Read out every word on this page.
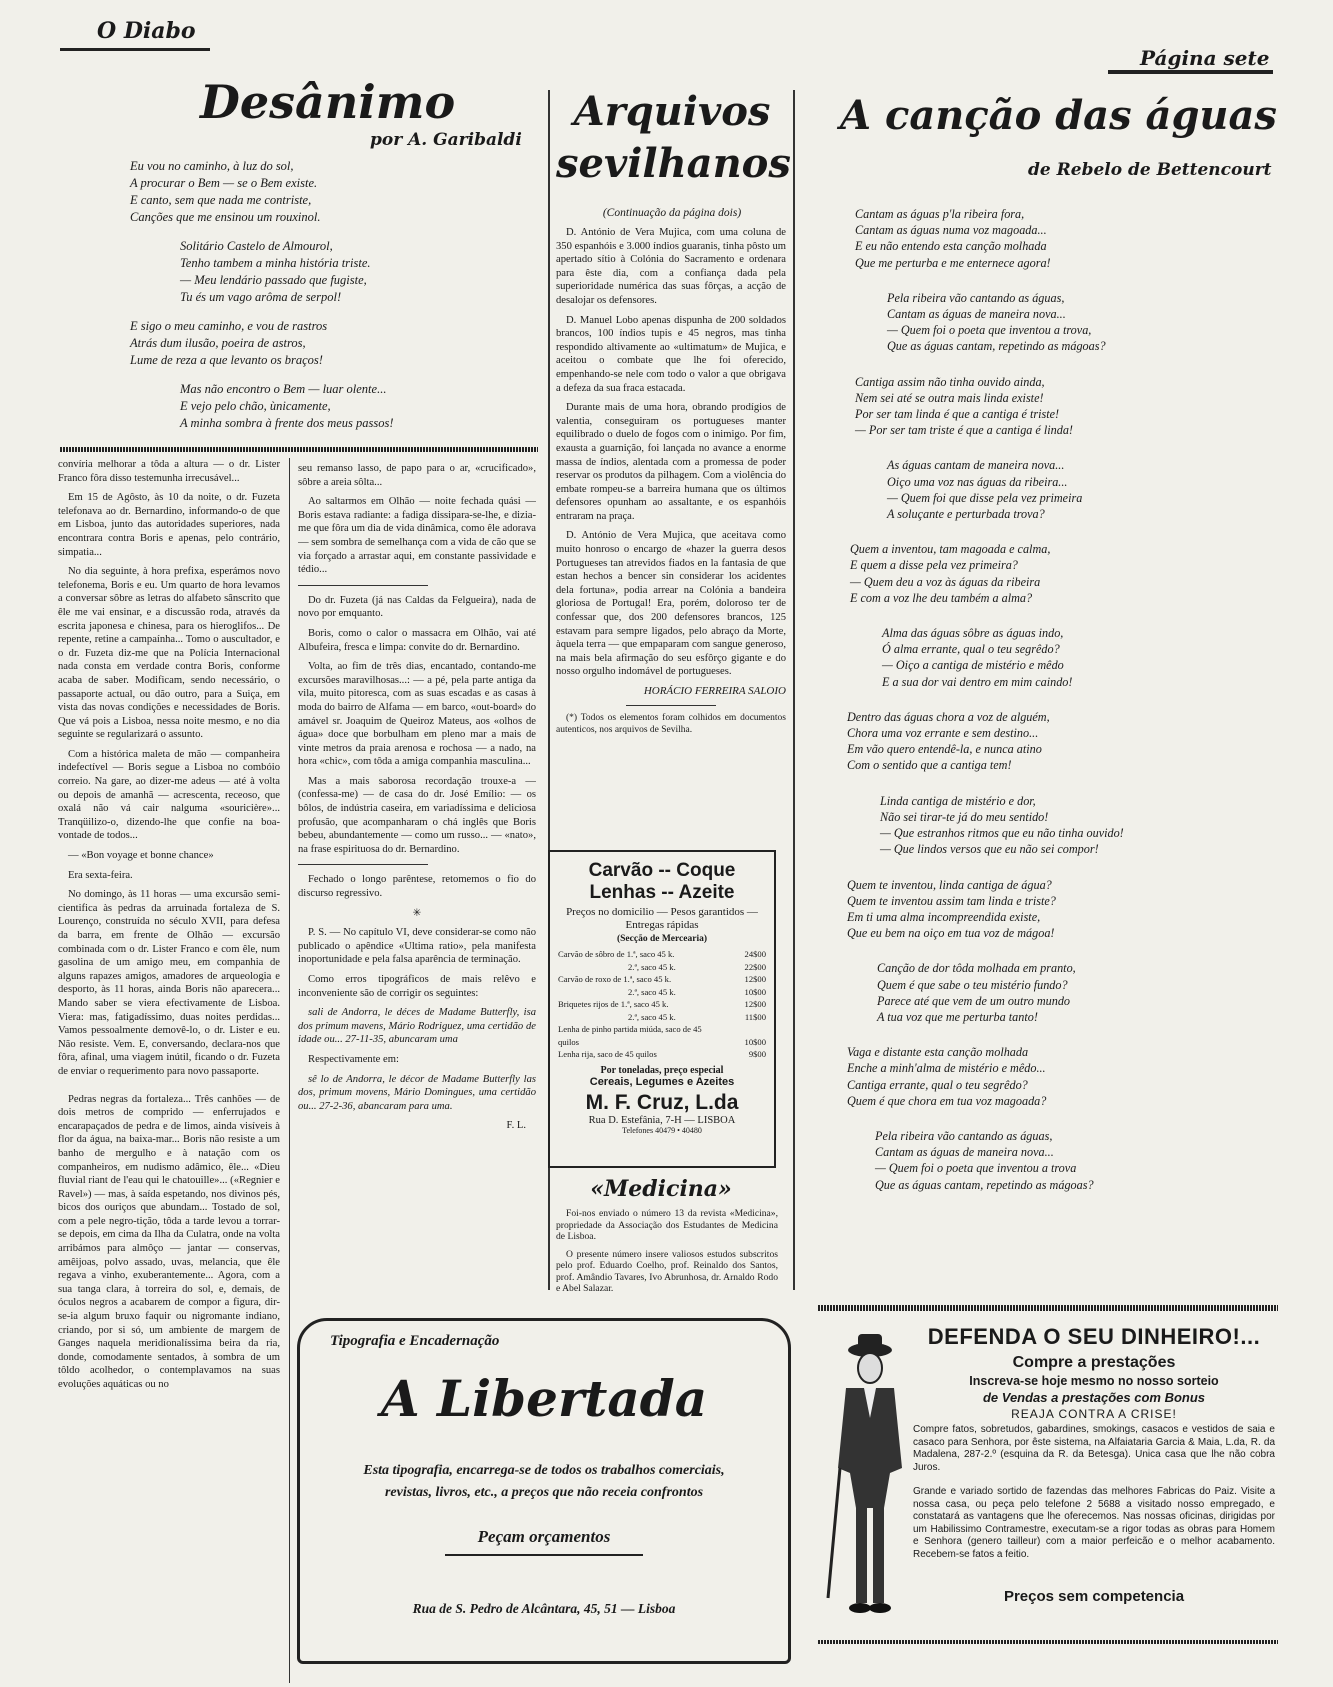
O Diabo
Página sete
Desânimo
por A. Garibaldi
Eu vou no caminho, à luz do sol,
A procurar o Bem — se o Bem existe.
E canto, sem que nada me contriste,
Canções que me ensinou um rouxinol.
Solitário Castelo de Almourol,
Tenho tambem a minha história triste.
— Meu lendário passado que fugiste,
Tu és um vago arôma de serpol!
E sigo o meu caminho, e vou de rastros
Atrás dum ilusão, poeira de astros,
Lume de reza a que levanto os braços!
Mas não encontro o Bem — luar olente...
E vejo pelo chão, ùnicamente,
A minha sombra à frente dos meus passos!

convíria melhorar a tôda a altura — o dr. Lister Franco fôra disso testemunha irrecusável...

Em 15 de Agôsto, às 10 da noite, o dr. Fuzeta telefonava ao dr. Bernardino, informando-o de que em Lisboa, junto das autoridades superiores, nada encontrara contra Boris e apenas, pelo contrário, simpatia...

No dia seguinte, à hora prefixa, esperámos novo telefonema, Boris e eu. Um quarto de hora levamos a conversar sôbre as letras do alfabeto sânscrito que êle me vai ensinar, e a discussão roda, através da escrita japonesa e chinesa, para os hieroglifos... De repente, retine a campaínha... Tomo o auscultador, e o dr. Fuzeta diz-me que na Polícia Internacional nada consta em verdade contra Boris, conforme acaba de saber. Modificam, sendo necessário, o passaporte actual, ou dão outro, para a Suiça, em vista das novas condições e necessidades de Boris. Que vá pois a Lisboa, nessa noite mesmo, e no dia seguinte se regularizará o assunto.

Com a histórica maleta de mão — companheira indefectível — Boris segue a Lisboa no combóio correio. Na gare, ao dizer-me adeus — até à volta ou depois de amanhã — acrescenta, receoso, que oxalá não vá cair nalguma «souricière»... Tranqüilizo-o, dizendo-lhe que confie na boa-vontade de todos...

— «Bon voyage et bonne chance»

Era sexta-feira.

No domingo, às 11 horas — uma excursão semi-cientifica às pedras da arruinada fortaleza de S. Lourenço, construída no século XVII, para defesa da barra, em frente de Olhão — excursão combinada com o dr. Lister Franco e com êle, num gasolina de um amigo meu, em companhia de alguns rapazes amigos, amadores de arqueologia e desporto, às 11 horas, ainda Boris não aparecera... Mando saber se viera efectivamente de Lisboa. Viera: mas, fatigadíssimo, duas noites perdidas... Vamos pessoalmente demovê-lo, o dr. Lister e eu. Não resiste. Vem. E, conversando, declara-nos que fôra, afinal, uma viagem inútil, ficando o dr. Fuzeta de enviar o requerimento para novo passaporte.

Pedras negras da fortaleza... Três canhões — de dois metros de comprido — enferrujados e encarapaçados de pedra e de limos, ainda visíveis à flor da água, na baixa-mar... Boris não resiste a um banho de mergulho e à natação com os companheiros, em nudismo adâmico, êle... «Dieu fluvial riant de l'eau qui le chatouille»... («Regnier e Ravel») — mas, à saída espetando, nos divinos pés, bicos dos ouriços que abundam... Tostado de sol, com a pele negro-tição, tôda a tarde levou a torrar-se depois, em cima da Ilha da Culatra, onde na volta arribámos para almôço — jantar — conservas, amêijoas, polvo assado, uvas, melancia, que êle regava a vinho, exuberantemente... Agora, com a sua tanga clara, à torreira do sol, e, demais, de óculos negros a acabarem de compor a figura, dir-se-ia algum bruxo faquir ou nigromante indiano, criando, por si só, um ambiente de margem de Ganges naquela meridionalíssima beira da ria, donde, comodamente sentados, à sombra de um tôldo acolhedor, o contemplavamos na suas evoluções aquáticas ou no

seu remanso lasso, de papo para o ar, «crucificado», sôbre a areia sôlta...

Ao saltarmos em Olhão — noite fechada quási — Boris estava radiante: a fadiga dissipara-se-lhe, e dizia-me que fôra um dia de vida dinâmica, como êle adorava — sem sombra de semelhança com a vida de cão que se via forçado a arrastar aqui, em constante passividade e tédio...

Do dr. Fuzeta (já nas Caldas da Felgueira), nada de novo por emquanto.

Boris, como o calor o massacra em Olhão, vai até Albufeira, fresca e limpa: convite do dr. Bernardino.

Volta, ao fim de três dias, encantado, contando-me excursões maravilhosas...: — a pé, pela parte antiga da vila, muito pitoresca, com as suas escadas e as casas à moda do bairro de Alfama — em barco, «out-board» do amável sr. Joaquim de Queiroz Mateus, aos «olhos de água» doce que borbulham em pleno mar a mais de vinte metros da praia arenosa e rochosa — a nado, na hora «chic», com tôda a amiga companhia masculina...

Mas a mais saborosa recordação trouxe-a — (confessa-me) — de casa do dr. José Emílio: — os bôlos, de indústria caseira, em variadíssima e deliciosa profusão, que acompanharam o chá inglês que Boris bebeu, abundantemente — como um russo... — «nato», na frase espirituosa do dr. Bernardino.

Fechado o longo parêntese, retomemos o fio do discurso regressivo.

✳

P. S. — No capítulo VI, deve considerar-se como não publicado o apêndice «Ultima ratio», pela manifesta inoportunidade e pela falsa aparência de terminação.

Como erros tipográficos de mais relêvo e inconveniente são de corrigir os seguintes:

sali de Andorra, le déces de Madame Butterfly, isa dos primum mavens, Mário Rodriguez, uma certidão de idade ou... 27-11-35, abuncaram uma

Respectivamente em:

sê lo de Andorra, le décor de Madame Butterfly las dos, primum movens, Mário Domingues, uma certidão ou... 27-2-36, abancaram para uma.

F. L.
Arquivos sevilhanos
(Continuação da página dois)

D. António de Vera Mujica, com uma coluna de 350 espanhóis e 3.000 índios guaranis, tinha pôsto um apertado sítio à Colónia do Sacramento e ordenara para êste dia, com a confiança dada pela superioridade numérica das suas fôrças, a acção de desalojar os defensores.

D. Manuel Lobo apenas dispunha de 200 soldados brancos, 100 índios tupis e 45 negros, mas tinha respondido altivamente ao «ultimatum» de Mujica, e aceitou o combate que lhe foi oferecido, empenhando-se nele com todo o valor a que obrigava a defeza da sua fraca estacada.

Durante mais de uma hora, obrando prodígios de valentia, conseguiram os portugueses manter equilibrado o duelo de fogos com o inimigo. Por fim, exausta a guarnição, foi lançada no avance a enorme massa de índios, alentada com a promessa de poder reservar os produtos da pilhagem. Com a violência do embate rompeu-se a barreira humana que os últimos defensores opunham ao assaltante, e os espanhóis entraram na praça.

D. António de Vera Mujica, que aceitava como muito honroso o encargo de «hazer la guerra desos Portugueses tan atrevidos fiados en la fantasia de que estan hechos a bencer sin considerar los acidentes dela fortuna», podia arrear na Colónia a bandeira gloriosa de Portugal! Era, porém, doloroso ter de confessar que, dos 200 defensores brancos, 125 estavam para sempre ligados, pelo abraço da Morte, àquela terra — que empaparam com sangue generoso, na mais bela afirmação do seu esfôrço gigante e do nosso orgulho indomável de portugueses.

HORÁCIO FERREIRA SALOIO

(*) Todos os elementos foram colhidos em documentos autenticos, nos arquivos de Sevilha.

Carvão -- Coque
Lenhas -- Azeite
Preços no domicilio — Pesos garantidos — Entregas rápidas
(Secção de Mercearia)
Carvão de sôbro de 1.ª, saco 45 k.	24$00
2.ª, saco 45 k.	22$00
Carvão de roxo de 1.ª, saco 45 k.	12$00
2.ª, saco 45 k.	10$00
Briquetes rijos de 1.ª, saco 45 k.	12$00
2.ª, saco 45 k.	11$00
Lenha de pinho partida miúda, saco de 45 quilos	10$00
Lenha rija, saco de 45 quilos	9$00
Por toneladas, preço especial
Cereais, Legumes e Azeites
M. F. Cruz, L.da
Rua D. Estefânia, 7-H — LISBOA
Telefones 40479 • 40480
«Medicina»

Foi-nos enviado o número 13 da revista «Medicina», propriedade da Associação dos Estudantes de Medicina de Lisboa.

O presente número insere valiosos estudos subscritos pelo prof. Eduardo Coelho, prof. Reinaldo dos Santos, prof. Amândio Tavares, Ivo Abrunhosa, dr. Arnaldo Rodo e Abel Salazar.

A canção das águas
de Rebelo de Bettencourt
Cantam as águas p'la ribeira fora,
Cantam as águas numa voz magoada...
E eu não entendo esta canção molhada
Que me perturba e me enternece agora!
Pela ribeira vão cantando as águas,
Cantam as águas de maneira nova...
— Quem foi o poeta que inventou a trova,
Que as águas cantam, repetindo as mágoas?
Cantiga assim não tinha ouvido ainda,
Nem sei até se outra mais linda existe!
Por ser tam linda é que a cantiga é triste!
— Por ser tam triste é que a cantiga é linda!
As águas cantam de maneira nova...
Oiço uma voz nas águas da ribeira...
— Quem foi que disse pela vez primeira
A soluçante e perturbada trova?
Quem a inventou, tam magoada e calma,
E quem a disse pela vez primeira?
— Quem deu a voz às águas da ribeira
E com a voz lhe deu também a alma?
Alma das águas sôbre as águas indo,
Ó alma errante, qual o teu segrêdo?
— Oiço a cantiga de mistério e mêdo
E a sua dor vai dentro em mim caindo!
Dentro das águas chora a voz de alguém,
Chora uma voz errante e sem destino...
Em vão quero entendê-la, e nunca atino
Com o sentido que a cantiga tem!
Linda cantiga de mistério e dor,
Não sei tirar-te já do meu sentido!
— Que estranhos ritmos que eu não tinha ouvido!
— Que lindos versos que eu não sei compor!
Quem te inventou, linda cantiga de água?
Quem te inventou assim tam linda e triste?
Em ti uma alma incompreendida existe,
Que eu bem na oiço em tua voz de mágoa!
Canção de dor tôda molhada em pranto,
Quem é que sabe o teu mistério fundo?
Parece até que vem de um outro mundo
A tua voz que me perturba tanto!
Vaga e distante esta canção molhada
Enche a minh'alma de mistério e mêdo...
Cantiga errante, qual o teu segrêdo?
Quem é que chora em tua voz magoada?
Pela ribeira vão cantando as águas,
Cantam as águas de maneira nova...
— Quem foi o poeta que inventou a trova
Que as águas cantam, repetindo as mágoas?
DEFENDA O SEU DINHEIRO!...
Compre a prestações
Inscreva-se hoje mesmo no nosso sorteio
de Vendas a prestações com Bonus
REAJA CONTRA A CRISE!
Compre fatos, sobretudos, gabardines, smokings, casacos e vestidos de saia e casaco para Senhora, por êste sistema, na Alfaiataria Garcia & Maia, L.da, R. da Madalena, 287-2.º (esquina da R. da Betesga). Unica casa que lhe não cobra Juros.
Grande e variado sortido de fazendas das melhores Fabricas do Paiz. Visite a nossa casa, ou peça pelo telefone 2 5688 a visitado nosso empregado, e constatará as vantagens que lhe oferecemos. Nas nossas oficinas, dirigidas por um Habilissimo Contramestre, executam-se a rigor todas as obras para Homem e Senhora (genero tailleur) com a maior perfeicão e o melhor acabamento. Recebem-se fatos a feitio.
Preços sem competencia
Tipografia e Encadernação
A Libertada
Esta tipografia, encarrega-se de todos os trabalhos comerciais,
revistas, livros, etc., a preços que não receia confrontos
Peçam orçamentos
Rua de S. Pedro de Alcântara, 45, 51 — Lisboa
